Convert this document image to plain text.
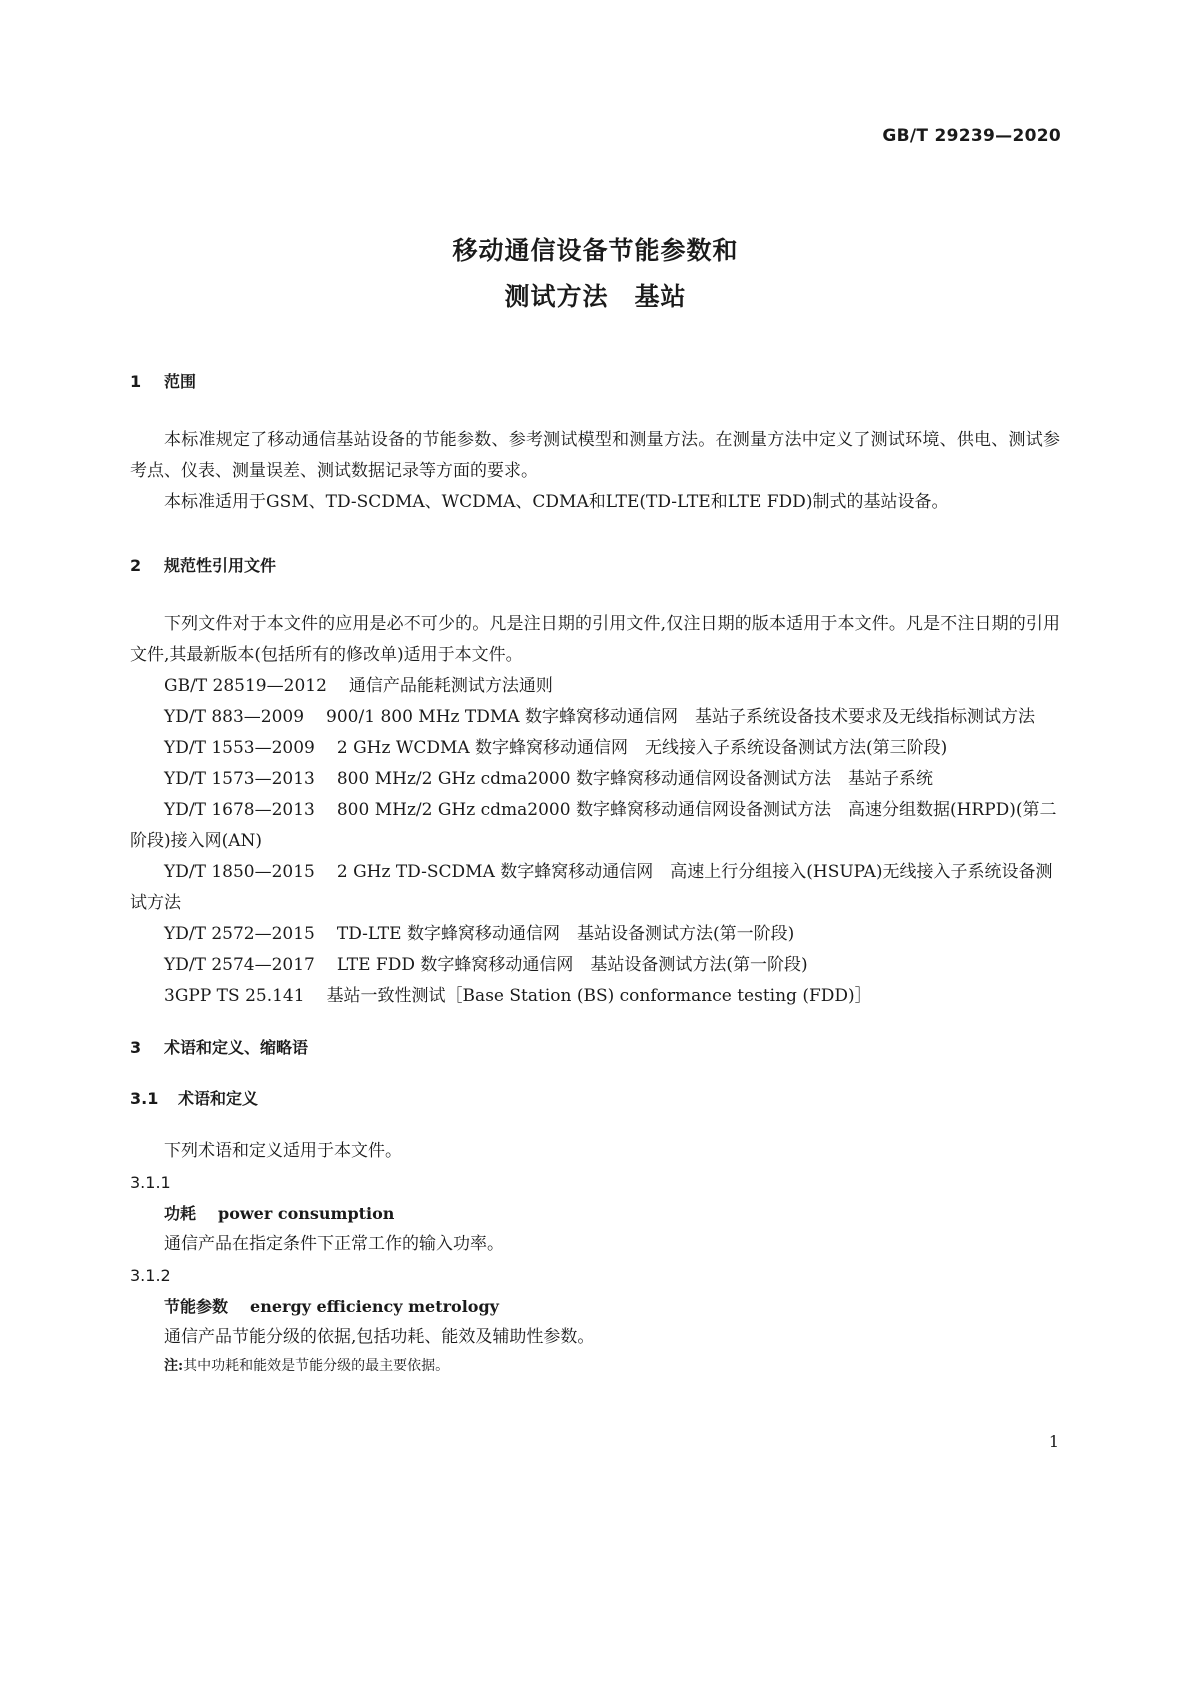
GB/T 29239—2020
移动通信设备节能参数和
测试方法　基站
1 范围

本标准规定了移动通信基站设备的节能参数、参考测试模型和测量方法。在测量方法中定义了测试环境、供电、测试参考点、仪表、测量误差、测试数据记录等方面的要求。

本标准适用于GSM、TD-SCDMA、WCDMA、CDMA和LTE(TD-LTE和LTE FDD)制式的基站设备。

2 规范性引用文件

下列文件对于本文件的应用是必不可少的。凡是注日期的引用文件,仅注日期的版本适用于本文件。凡是不注日期的引用文件,其最新版本(包括所有的修改单)适用于本文件。

GB/T 28519—2012 通信产品能耗测试方法通则

YD/T 883—2009 900/1 800 MHz TDMA 数字蜂窝移动通信网　基站子系统设备技术要求及无线指标测试方法

YD/T 1553—2009 2 GHz WCDMA 数字蜂窝移动通信网　无线接入子系统设备测试方法(第三阶段)

YD/T 1573—2013 800 MHz/2 GHz cdma2000 数字蜂窝移动通信网设备测试方法　基站子系统

YD/T 1678—2013 800 MHz/2 GHz cdma2000 数字蜂窝移动通信网设备测试方法　高速分组数据(HRPD)(第二阶段)接入网(AN)

YD/T 1850—2015 2 GHz TD-SCDMA 数字蜂窝移动通信网　高速上行分组接入(HSUPA)无线接入子系统设备测试方法

YD/T 2572—2015 TD-LTE 数字蜂窝移动通信网　基站设备测试方法(第一阶段)

YD/T 2574—2017 LTE FDD 数字蜂窝移动通信网　基站设备测试方法(第一阶段)

3GPP TS 25.141 基站一致性测试［Base Station (BS) conformance testing (FDD)］

3 术语和定义、缩略语
3.1 术语和定义

下列术语和定义适用于本文件。

3.1.1

功耗 power consumption

通信产品在指定条件下正常工作的输入功率。

3.1.2

节能参数 energy efficiency metrology

通信产品节能分级的依据,包括功耗、能效及辅助性参数。

注:其中功耗和能效是节能分级的最主要依据。

1
